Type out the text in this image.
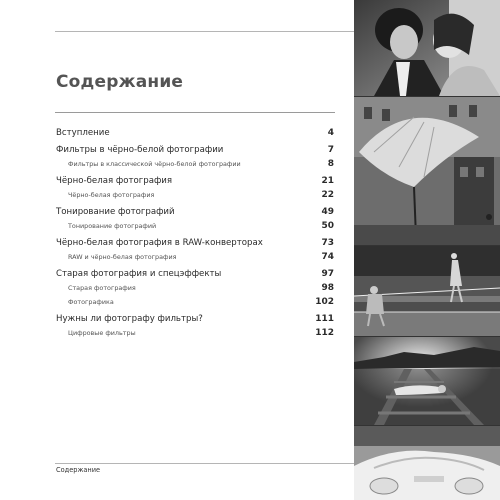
Содержание
Вступление	4
Фильтры в чёрно-белой фотографии	7
Фильтры в классической чёрно-белой фотографии	8
Чёрно-белая фотография	21
Чёрно-белая фотография	22
Тонирование фотографий	49
Тонирование фотографий	50
Чёрно-белая фотография в RAW-конверторах	73
RAW и чёрно-белая фотография	74
Старая фотография и спецэффекты	97
Старая фотография	98
Фотографика	102
Нужны ли фотографу фильтры?	111
Цифровые фильтры	112
Содержание
